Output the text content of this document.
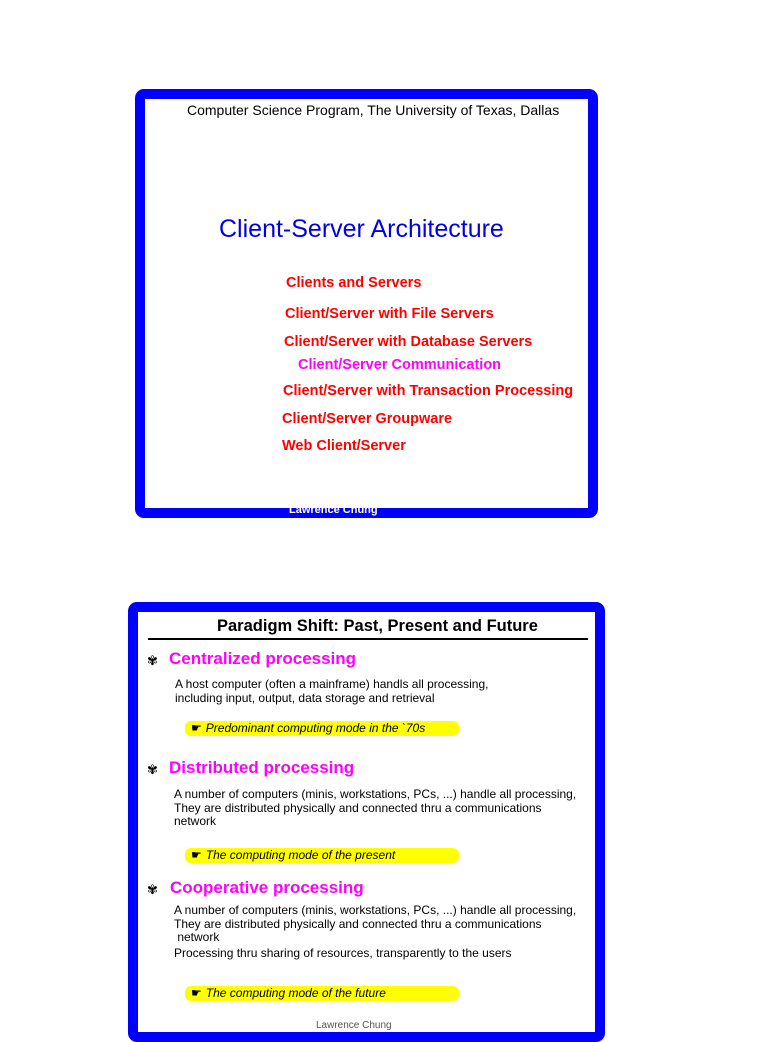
Computer Science Program, The University of Texas, Dallas
Client-Server Architecture
Clients and Servers
Client/Server with File Servers
Client/Server with Database Servers
Client/Server Communication
Client/Server with Transaction Processing
Client/Server Groupware
Web Client/Server
Lawrence Chung
Paradigm Shift: Past, Present and Future
✾ Centralized processing
A host computer (often a mainframe) handls all processing,
including input, output, data storage and retrieval
☛ Predominant computing mode in the `70s
✾ Distributed processing
A number of computers (minis, workstations, PCs, ...) handle all processing,
They are distributed physically and connected thru a communications
network
☛ The computing mode of the present
✾ Cooperative processing
A number of computers (minis, workstations, PCs, ...) handle all processing,
They are distributed physically and connected thru a communications
network
Processing thru sharing of resources, transparently to the users
☛ The computing mode of the future
Lawrence Chung
